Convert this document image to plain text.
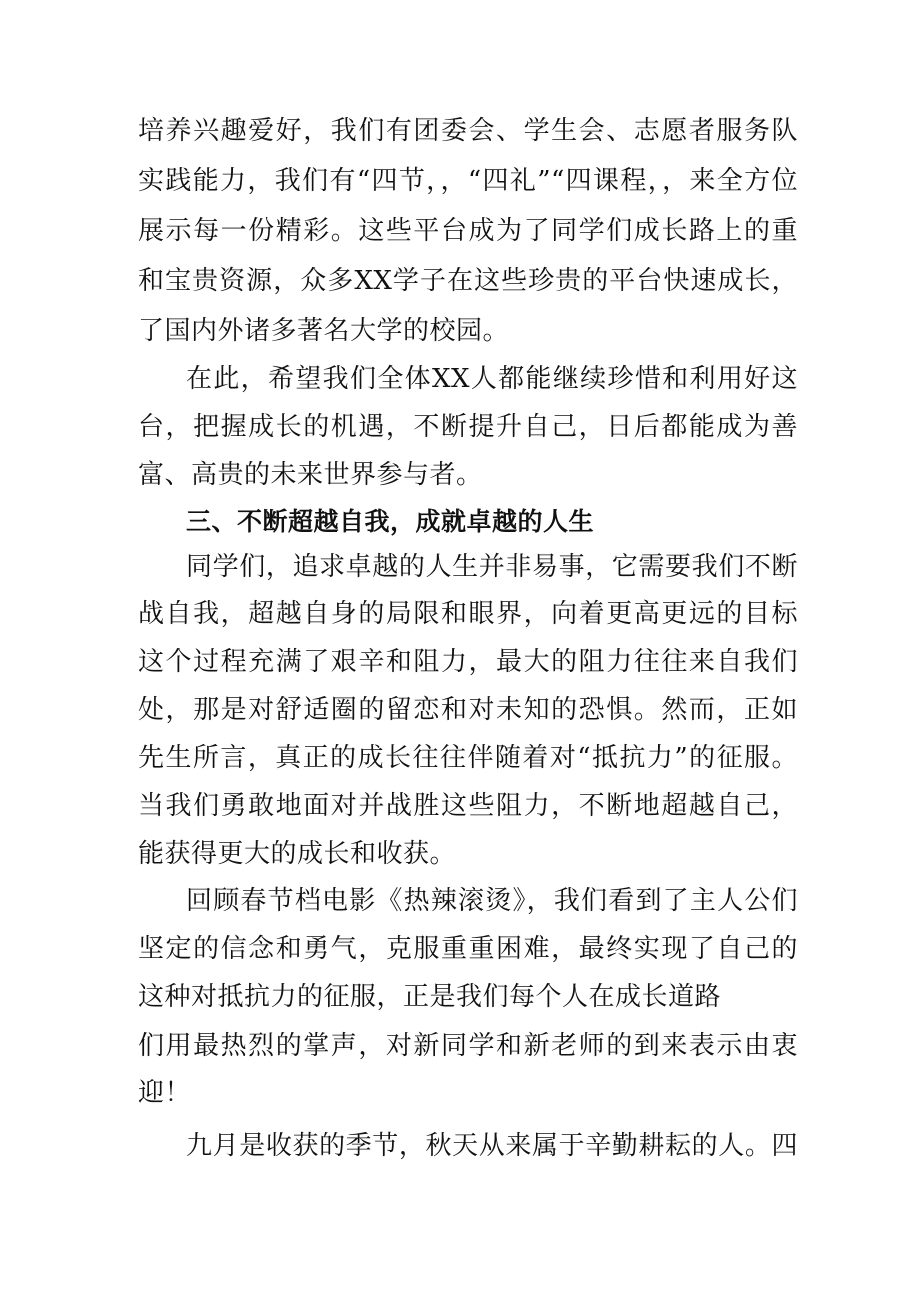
培养兴趣爱好，我们有团委会、学生会、志愿者服务队
实践能力，我们有“四节，，“四礼”“四课程，，来全方位
展示每一份精彩。这些平台成为了同学们成长路上的重
和宝贵资源，众多XX学子在这些珍贵的平台快速成长，
了国内外诸多著名大学的校园。
在此，希望我们全体XX人都能继续珍惜和利用好这
台，把握成长的机遇，不断提升自己，日后都能成为善
富、高贵的未来世界参与者。
三、不断超越自我，成就卓越的人生
同学们，追求卓越的人生并非易事，它需要我们不断
战自我，超越自身的局限和眼界，向着更高更远的目标
这个过程充满了艰辛和阻力，最大的阻力往往来自我们
处，那是对舒适圈的留恋和对未知的恐惧。然而，正如
先生所言，真正的成长往往伴随着对“抵抗力”的征服。
当我们勇敢地面对并战胜这些阻力，不断地超越自己，
能获得更大的成长和收获。
回顾春节档电影《热辣滚烫》，我们看到了主人公们
坚定的信念和勇气，克服重重困难，最终实现了自己的
这种对抵抗力的征服，正是我们每个人在成长道路
们用最热烈的掌声，对新同学和新老师的到来表示由衷
迎！
九月是收获的季节，秋天从来属于辛勤耕耘的人。四
